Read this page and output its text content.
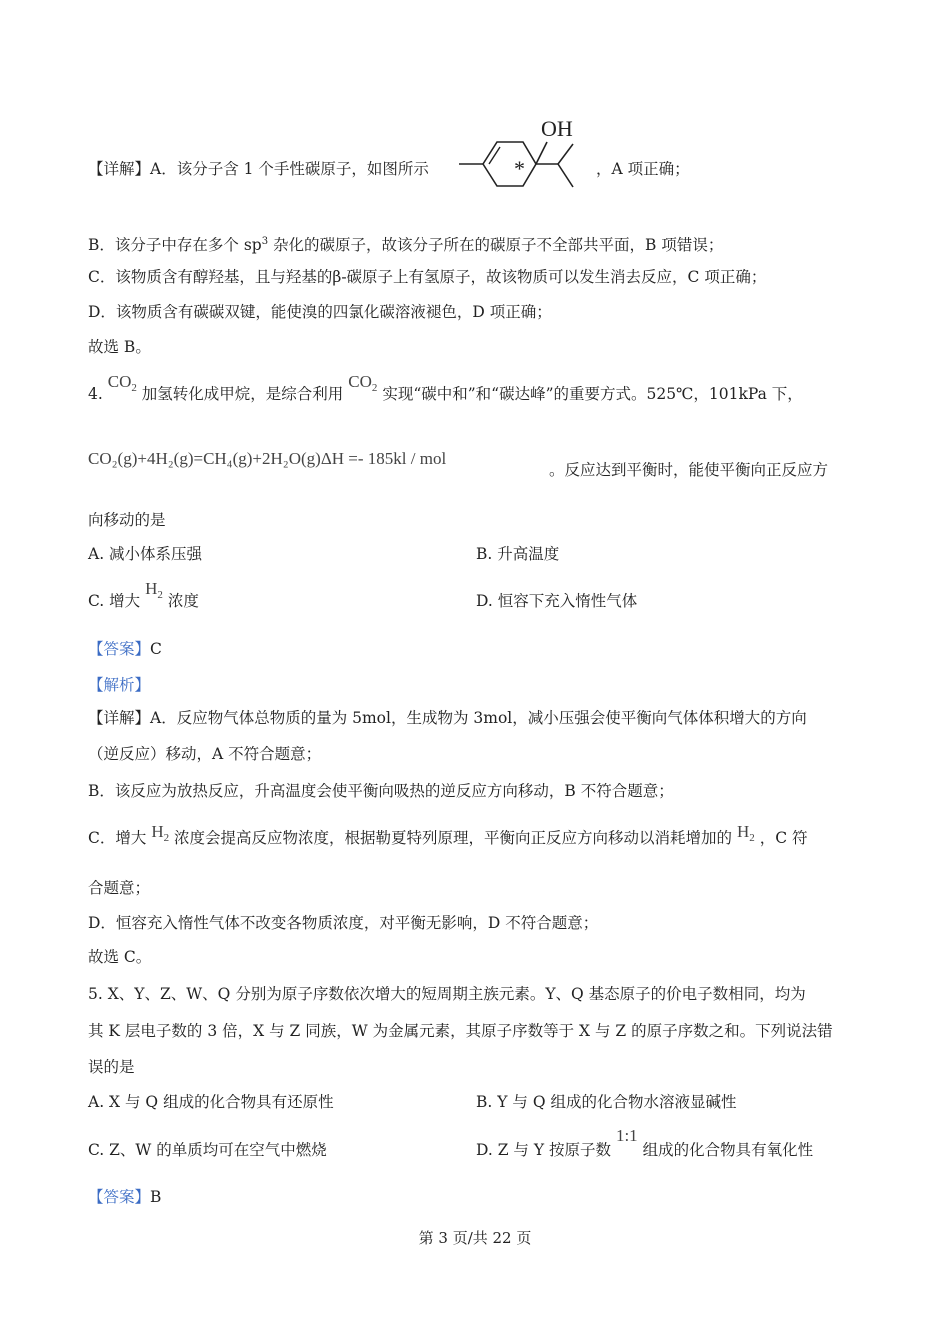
【详解】A．该分子含 1 个手性碳原子，如图所示
OH
*	，A 项正确；
B．该分子中存在多个 $sp^3$ 杂化的碳原子，故该分子所在的碳原子不全部共平面，B 项错误；
C．该物质含有醇羟基，且与羟基的β-碳原子上有氢原子，故该物质可以发生消去反应，C 项正确；
D．该物质含有碳碳双键，能使溴的四氯化碳溶液褪色，D 项正确；
故选 B。
4. $CO_2$ 加氢转化成甲烷，是综合利用 $CO_2$ 实现“碳中和”和“碳达峰”的重要方式。525℃，101kPa 下，
CO₂(g)+4H₂(g)=CH₄(g)+2H₂O(g)ΔH =- 185kl / mol
。反应达到平衡时，能使平衡向正反应方
向移动的是
A. 减小体系压强	B. 升高温度
C. 增大 $H_2$ 浓度	D. 恒容下充入惰性气体
【答案】C
【解析】
【详解】A．反应物气体总物质的量为 5mol，生成物为 3mol，减小压强会使平衡向气体体积增大的方向
（逆反应）移动，A 不符合题意；
B．该反应为放热反应，升高温度会使平衡向吸热的逆反应方向移动，B 不符合题意；
C．增大 $H_2$ 浓度会提高反应物浓度，根据勒夏特列原理，平衡向正反应方向移动以消耗增加的 $H_2$ ，C 符
合题意；
D．恒容充入惰性气体不改变各物质浓度，对平衡无影响，D 不符合题意；
故选 C。
5. X、Y、Z、W、Q 分别为原子序数依次增大的短周期主族元素。Y、Q 基态原子的价电子数相同，均为
其 K 层电子数的 3 倍，X 与 Z 同族，W 为金属元素，其原子序数等于 X 与 Z 的原子序数之和。下列说法错
误的是
A. X 与 Q 组成的化合物具有还原性	B. Y 与 Q 组成的化合物水溶液显碱性
C. Z、W 的单质均可在空气中燃烧	D. Z 与 Y 按原子数 1:1 组成的化合物具有氧化性
【答案】B
第 3 页/共 22 页
